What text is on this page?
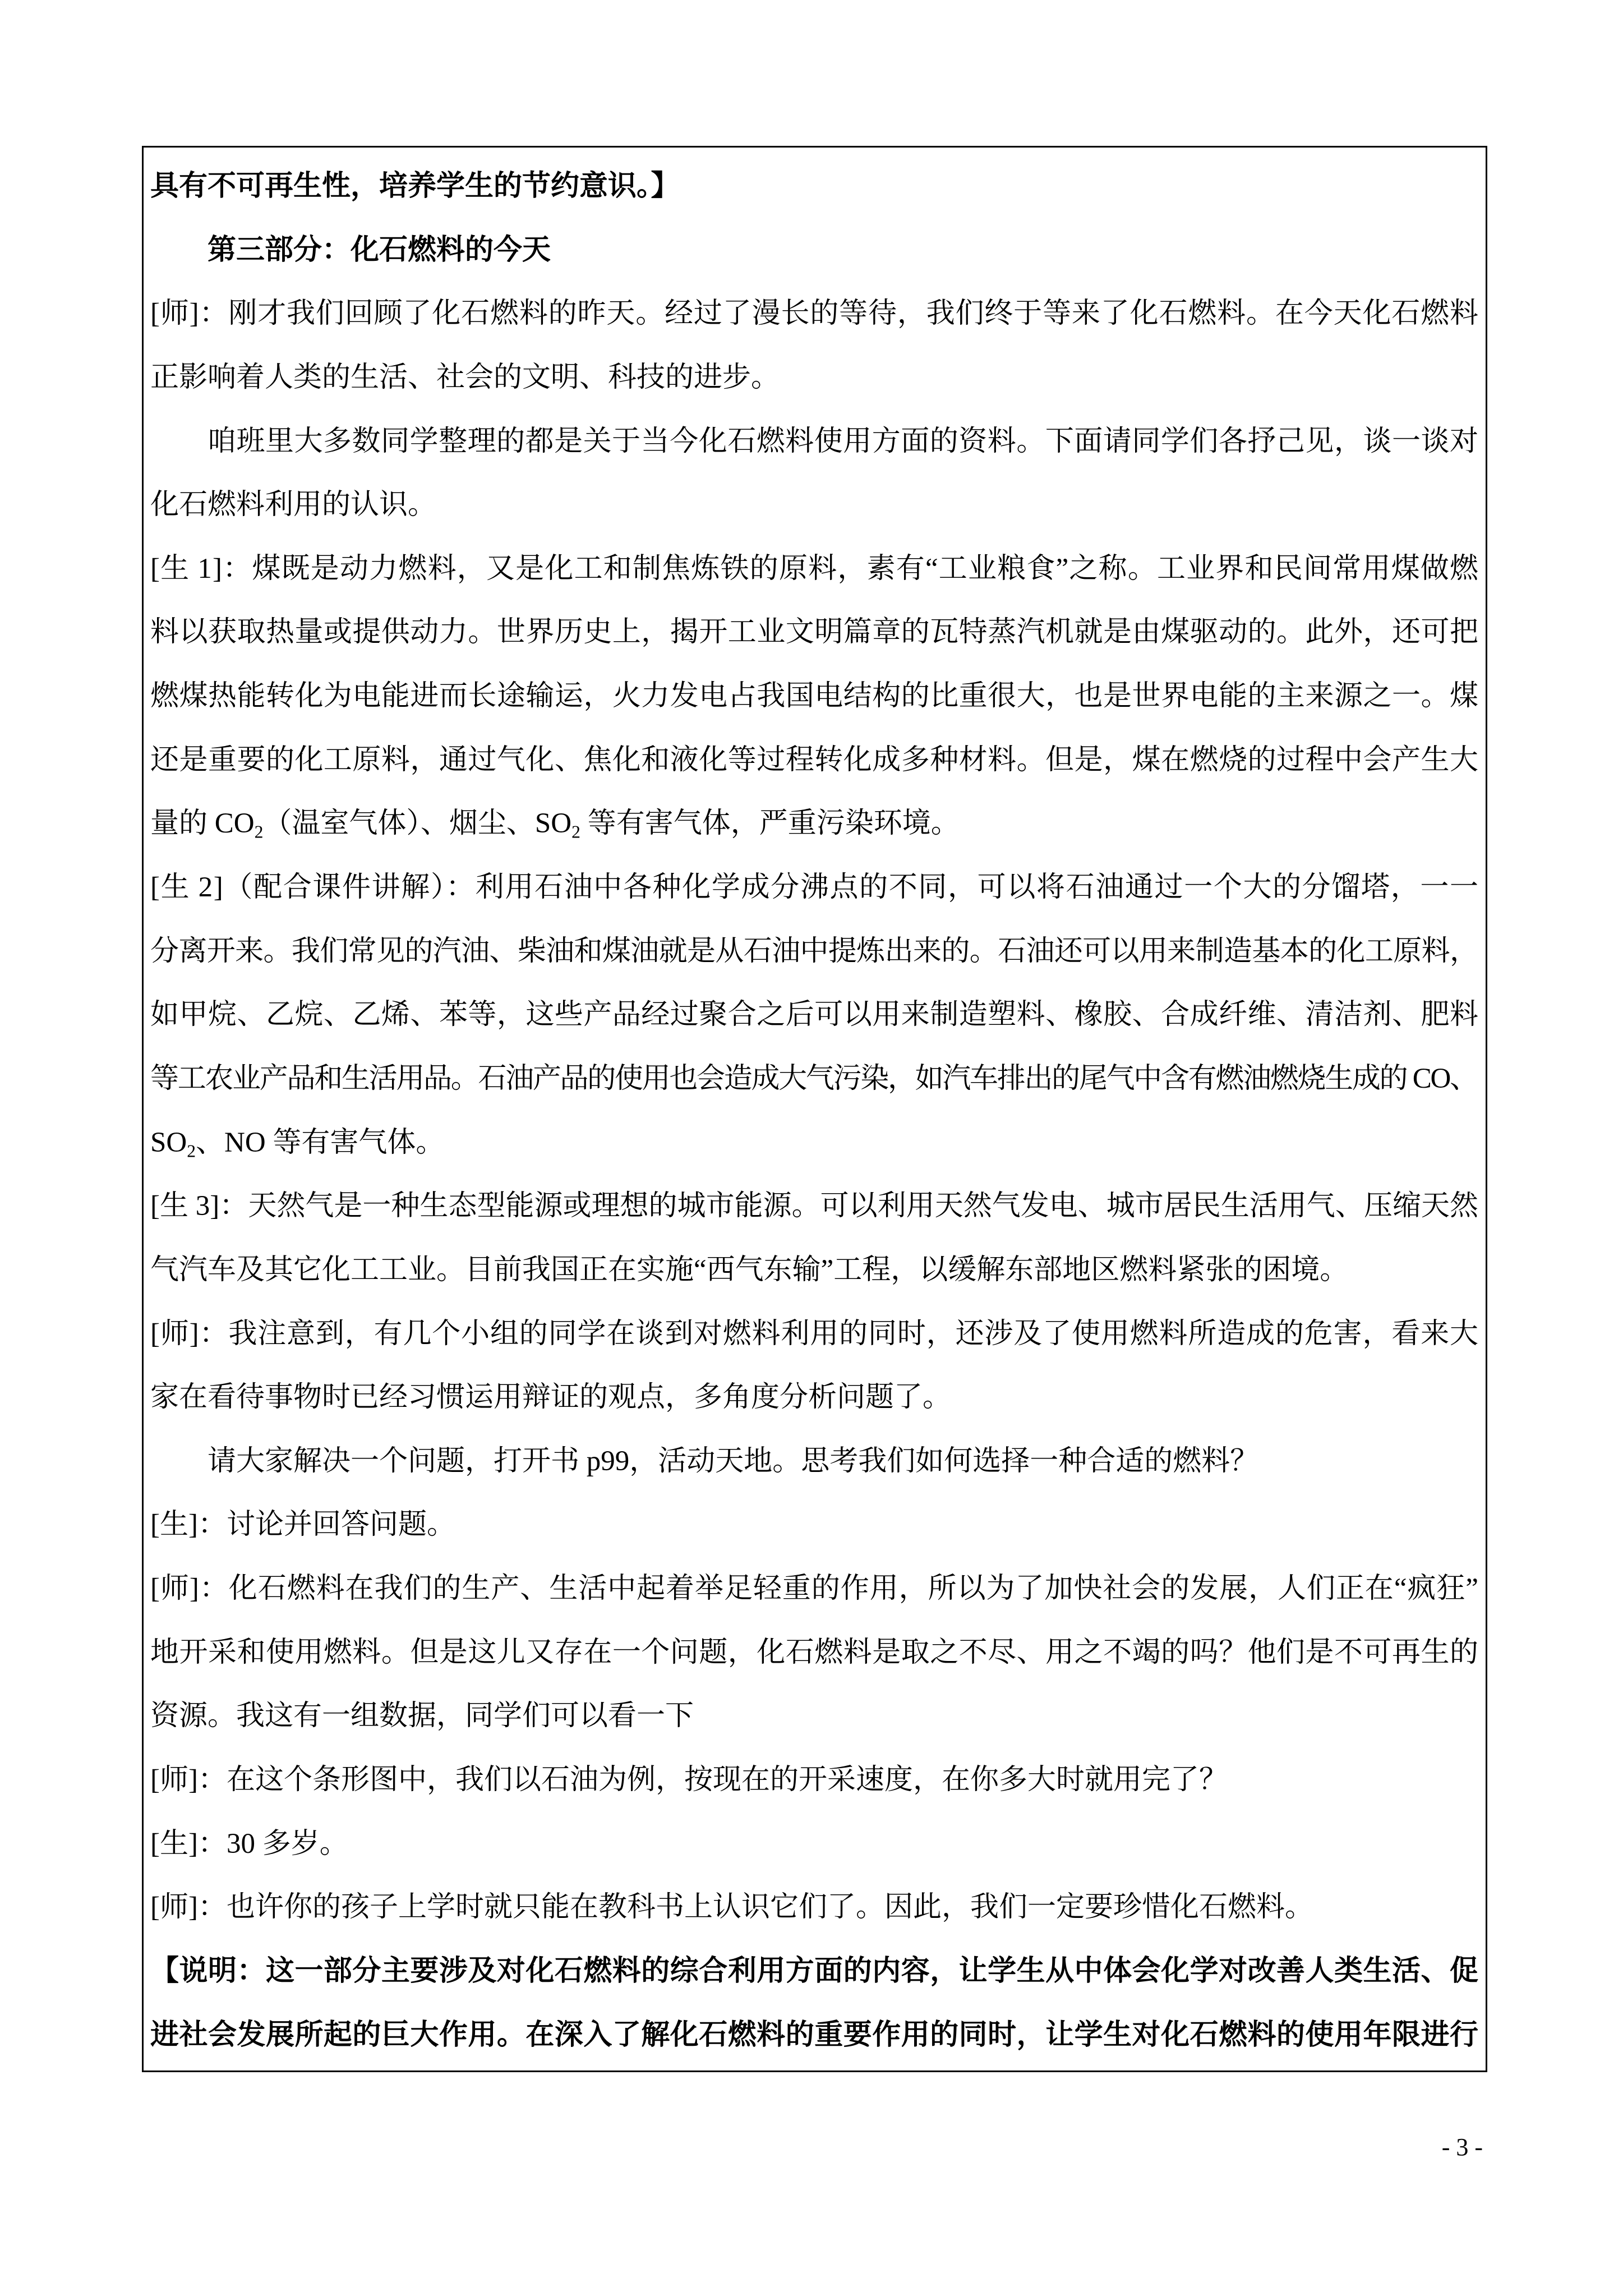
具有不可再生性，培养学生的节约意识。】
第三部分：化石燃料的今天
[师]：刚才我们回顾了化石燃料的昨天。经过了漫长的等待，我们终于等来了化石燃料。在今天化石燃料
正影响着人类的生活、社会的文明、科技的进步。
咱班里大多数同学整理的都是关于当今化石燃料使用方面的资料。下面请同学们各抒己见，谈一谈对
化石燃料利用的认识。
[生 1]：煤既是动力燃料，又是化工和制焦炼铁的原料，素有“工业粮食”之称。工业界和民间常用煤做燃
料以获取热量或提供动力。世界历史上，揭开工业文明篇章的瓦特蒸汽机就是由煤驱动的。此外，还可把
燃煤热能转化为电能进而长途输运，火力发电占我国电结构的比重很大，也是世界电能的主来源之一。煤
还是重要的化工原料，通过气化、焦化和液化等过程转化成多种材料。但是，煤在燃烧的过程中会产生大
量的 $CO_2$（温室气体）、烟尘、$SO_2$ 等有害气体，严重污染环境。
[生 2]（配合课件讲解）：利用石油中各种化学成分沸点的不同，可以将石油通过一个大的分馏塔，一一
分离开来。我们常见的汽油、柴油和煤油就是从石油中提炼出来的。石油还可以用来制造基本的化工原料，
如甲烷、乙烷、乙烯、苯等，这些产品经过聚合之后可以用来制造塑料、橡胶、合成纤维、清洁剂、肥料
等工农业产品和生活用品。石油产品的使用也会造成大气污染，如汽车排出的尾气中含有燃油燃烧生成的 CO、
$SO_2$、NO 等有害气体。
[生 3]：天然气是一种生态型能源或理想的城市能源。可以利用天然气发电、城市居民生活用气、压缩天然
气汽车及其它化工工业。目前我国正在实施“西气东输”工程，以缓解东部地区燃料紧张的困境。
[师]：我注意到，有几个小组的同学在谈到对燃料利用的同时，还涉及了使用燃料所造成的危害，看来大
家在看待事物时已经习惯运用辩证的观点，多角度分析问题了。
请大家解决一个问题，打开书 p99，活动天地。思考我们如何选择一种合适的燃料？
[生]：讨论并回答问题。
[师]：化石燃料在我们的生产、生活中起着举足轻重的作用，所以为了加快社会的发展，人们正在“疯狂”
地开采和使用燃料。但是这儿又存在一个问题，化石燃料是取之不尽、用之不竭的吗？他们是不可再生的
资源。我这有一组数据，同学们可以看一下
[师]：在这个条形图中，我们以石油为例，按现在的开采速度，在你多大时就用完了？
[生]：30 多岁。
[师]：也许你的孩子上学时就只能在教科书上认识它们了。因此，我们一定要珍惜化石燃料。
【说明：这一部分主要涉及对化石燃料的综合利用方面的内容，让学生从中体会化学对改善人类生活、促
进社会发展所起的巨大作用。在深入了解化石燃料的重要作用的同时，让学生对化石燃料的使用年限进行
- 3 -
